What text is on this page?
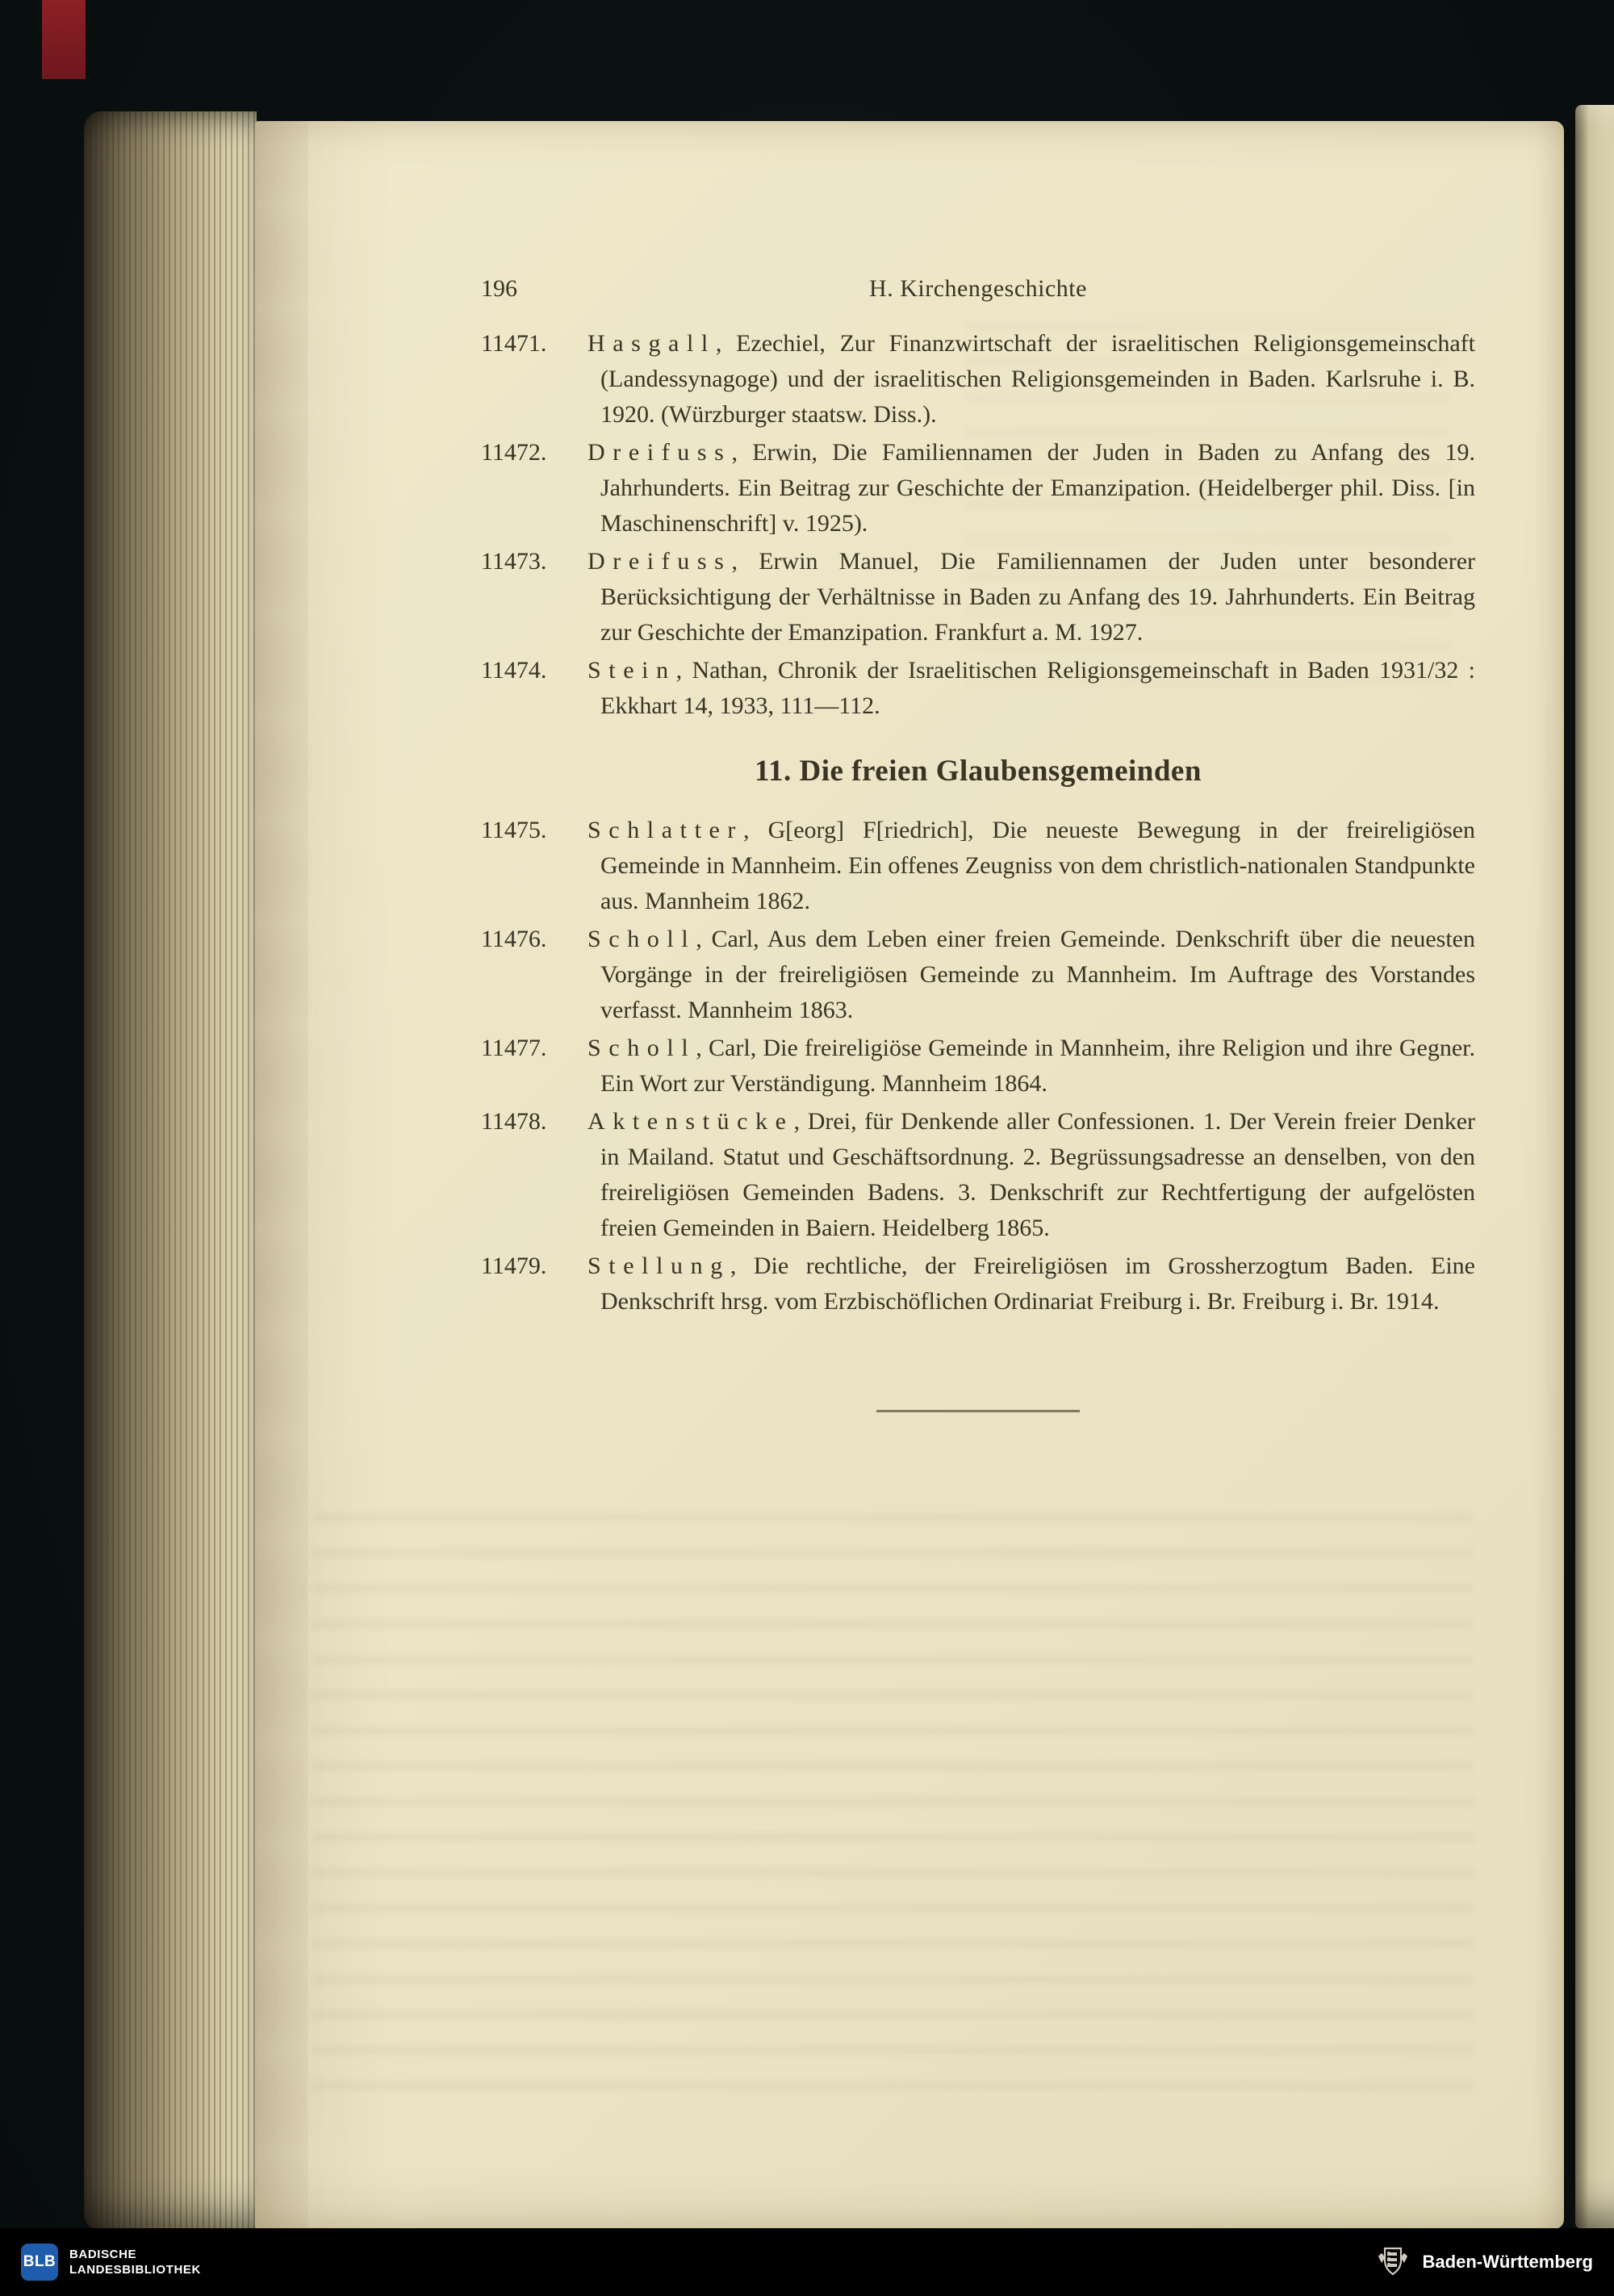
196	H. Kirchengeschichte
11471.	Hasgall, Ezechiel, Zur Finanzwirtschaft der israelitischen Religionsgemeinschaft (Landessynagoge) und der israelitischen Religionsgemeinden in Baden. Karlsruhe i. B. 1920. (Würzburger staatsw. Diss.).
11472.	Dreifuss, Erwin, Die Familiennamen der Juden in Baden zu Anfang des 19. Jahrhunderts. Ein Beitrag zur Geschichte der Emanzipation. (Heidelberger phil. Diss. [in Maschinenschrift] v. 1925).
11473.	Dreifuss, Erwin Manuel, Die Familiennamen der Juden unter besonderer Berücksichtigung der Verhältnisse in Baden zu Anfang des 19. Jahrhunderts. Ein Beitrag zur Geschichte der Emanzipation. Frankfurt a. M. 1927.
11474.	Stein, Nathan, Chronik der Israelitischen Religionsgemeinschaft in Baden 1931/32 : Ekkhart 14, 1933, 111—112.
11. Die freien Glaubensgemeinden
11475.	Schlatter, G[eorg] F[riedrich], Die neueste Bewegung in der freireligiösen Gemeinde in Mannheim. Ein offenes Zeugniss von dem christlich-nationalen Standpunkte aus. Mannheim 1862.
11476.	Scholl, Carl, Aus dem Leben einer freien Gemeinde. Denkschrift über die neuesten Vorgänge in der freireligiösen Gemeinde zu Mannheim. Im Auftrage des Vorstandes verfasst. Mannheim 1863.
11477.	Scholl, Carl, Die freireligiöse Gemeinde in Mannheim, ihre Religion und ihre Gegner. Ein Wort zur Verständigung. Mannheim 1864.
11478.	Aktenstücke, Drei, für Denkende aller Confessionen. 1. Der Verein freier Denker in Mailand. Statut und Geschäftsordnung. 2. Begrüssungsadresse an denselben, von den freireligiösen Gemeinden Badens. 3. Denkschrift zur Rechtfertigung der aufgelösten freien Gemeinden in Baiern. Heidelberg 1865.
11479.	Stellung, Die rechtliche, der Freireligiösen im Grossherzogtum Baden. Eine Denkschrift hrsg. vom Erzbischöflichen Ordinariat Freiburg i. Br. Freiburg i. Br. 1914.
BLB BADISCHE
LANDESBIBLIOTHEK	Baden-Württemberg
